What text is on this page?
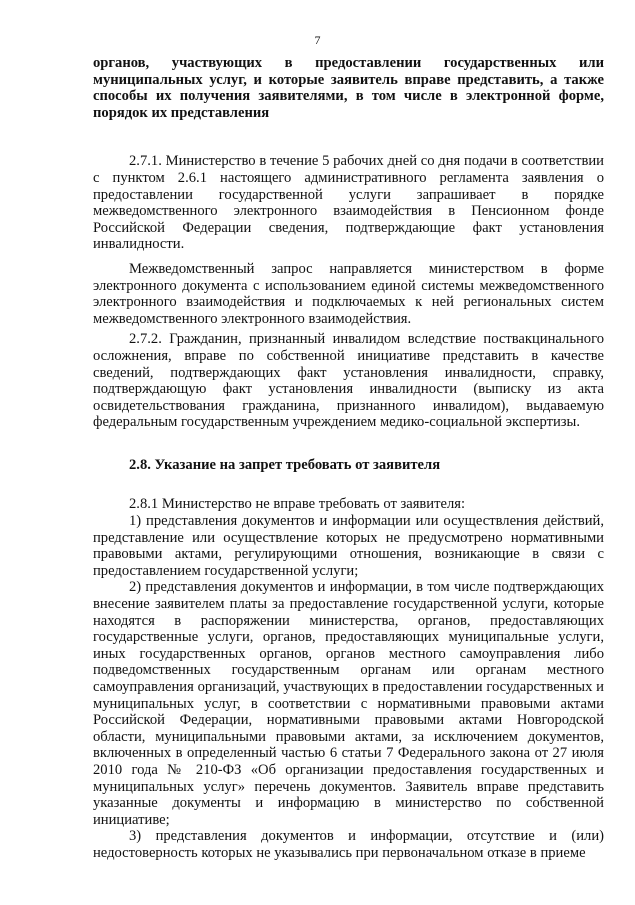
7

органов, участвующих в предоставлении государственных или муниципальных услуг, и которые заявитель вправе представить, а также способы их получения заявителями, в том числе в электронной форме, порядок их представления

2.7.1. Министерство в течение 5 рабочих дней со дня подачи в соответствии с пунктом 2.6.1 настоящего административного регламента заявления о предоставлении государственной услуги запрашивает в порядке межведомственного электронного взаимодействия в Пенсионном фонде Российской Федерации сведения, подтверждающие факт установления инвалидности.

Межведомственный запрос направляется министерством в форме электронного документа с использованием единой системы межведомственного электронного взаимодействия и подключаемых к ней региональных систем межведомственного электронного взаимодействия.

2.7.2. Гражданин, признанный инвалидом вследствие поствакцинального осложнения, вправе по собственной инициативе представить в качестве сведений, подтверждающих факт установления инвалидности, справку, подтверждающую факт установления инвалидности (выписку из акта освидетельствования гражданина, признанного инвалидом), выдаваемую федеральным государственным учреждением медико-социальной экспертизы.

2.8. Указание на запрет требовать от заявителя

2.8.1 Министерство не вправе требовать от заявителя:

1) представления документов и информации или осуществления действий, представление или осуществление которых не предусмотрено нормативными правовыми актами, регулирующими отношения, возникающие в связи с предоставлением государственной услуги;

2) представления документов и информации, в том числе подтверждающих внесение заявителем платы за предоставление государственной услуги, которые находятся в распоряжении министерства, органов, предоставляющих государственные услуги, органов, предоставляющих муниципальные услуги, иных государственных органов, органов местного самоуправления либо подведомственных государственным органам или органам местного самоуправления организаций, участвующих в предоставлении государственных и муниципальных услуг, в соответствии с нормативными правовыми актами Российской Федерации, нормативными правовыми актами Новгородской области, муниципальными правовыми актами, за исключением документов, включенных в определенный частью 6 статьи 7 Федерального закона от 27 июля 2010 года № 210-ФЗ «Об организации предоставления государственных и муниципальных услуг» перечень документов. Заявитель вправе представить указанные документы и информацию в министерство по собственной инициативе;

3) представления документов и информации, отсутствие и (или) недостоверность которых не указывались при первоначальном отказе в приеме
